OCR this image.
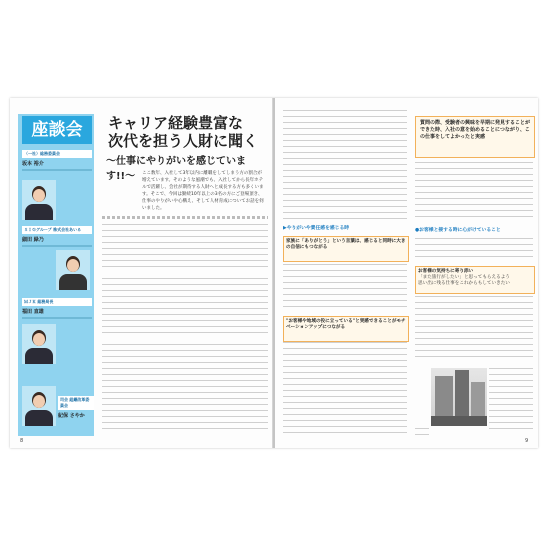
座談会	キャリア経験豊富な
次代を担う人財に聞く
〜仕事にやりがいを感じています!!〜	ここ数年、入社して3年以内に離職をしてしまう方の割合が増えています。そのような風潮でも、入社してから長年ホテルで活躍し、会社が期待する人財へと成長する方も多くいます。そこで、今回は勤続10年以上の3名の方にご登場頂き、仕事のやりがいや心構え、そして人材育成についてお話を伺いました。
（一社）総務委員会
坂本 裕介
ＳＩＧグループ 株式会社あいる
細田 緑乃
ＭＪＫ 総務局長
福田 直雄
司会 組織改革委員会
紀保 さやか
8
質問の際、受験者の興味を早期に発見することができた時、入社の意を始めることにつながり、この仕事をしてよかったと実感
▶やりがいや責任感を感じる時
家族に「ありがとう」という言葉は、感じると同時に大きの自信にもつながる
"お客様や地域の役に立っている"と実感できることがモチベーションアップにつながる
●お客様と接する時に心がけていること
お客様の気持ちに寄り添い
「また旅行がしたい」と思ってもらえるよう
思い出に残る仕事をこれからもしていきたい
9
